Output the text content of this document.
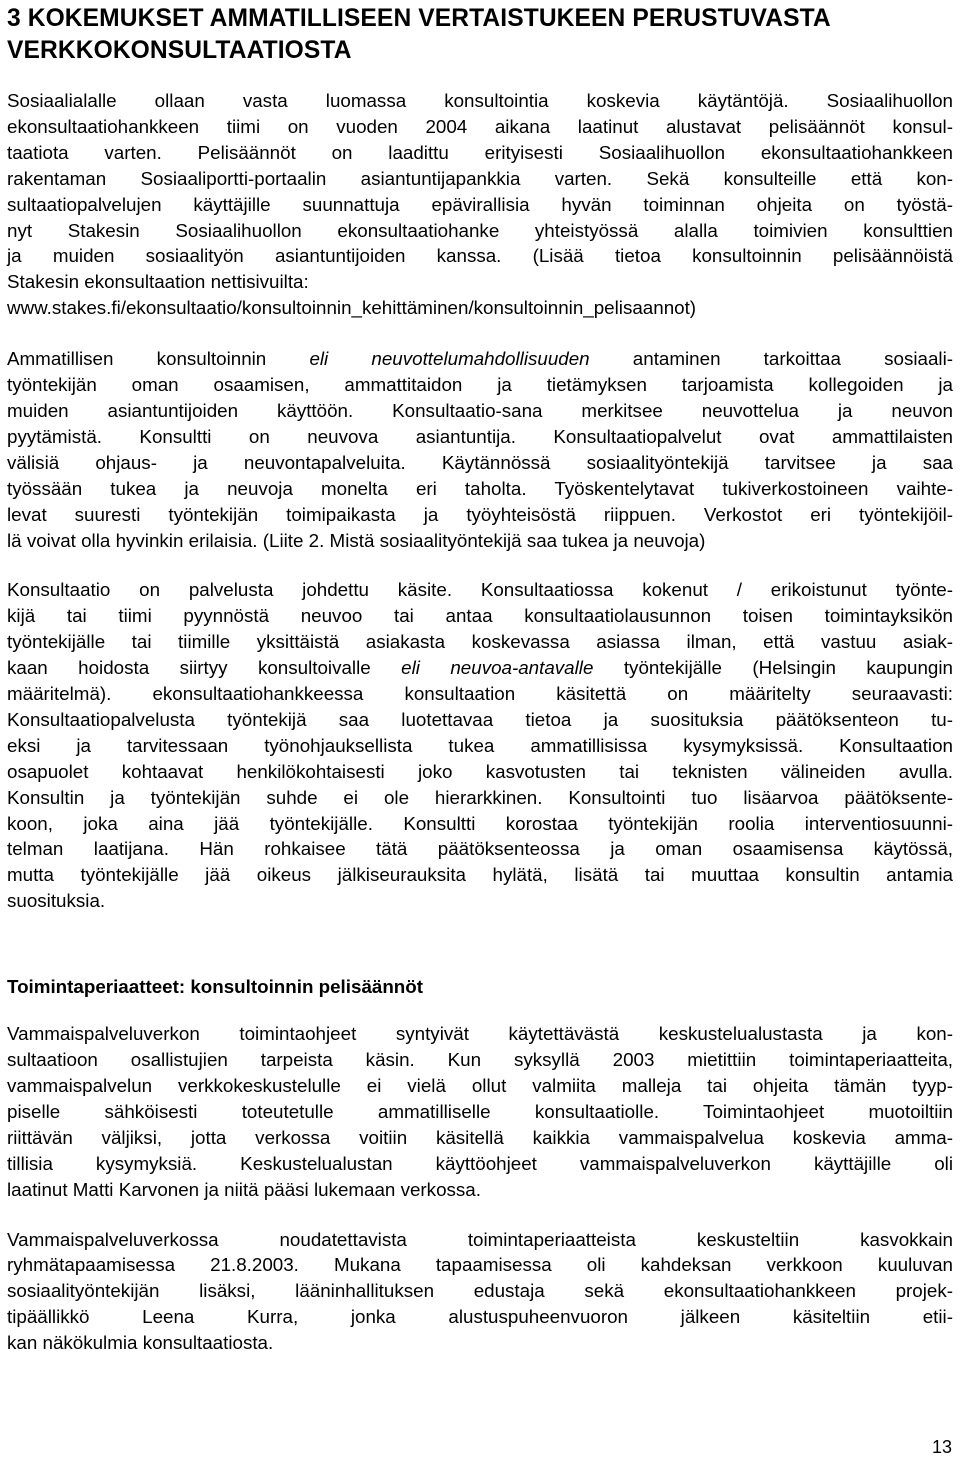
3 KOKEMUKSET AMMATILLISEEN VERTAISTUKEEN PERUSTUVASTA
VERKKOKONSULTAATIOSTA

Sosiaalialalle ollaan vasta luomassa konsultointia koskevia käytäntöjä. Sosiaalihuollon
ekonsultaatiohankkeen tiimi on vuoden 2004 aikana laatinut alustavat pelisäännöt konsul-
taatiota varten. Pelisäännöt on laadittu erityisesti Sosiaalihuollon ekonsultaatiohankkeen
rakentaman Sosiaaliportti-portaalin asiantuntijapankkia varten. Sekä konsulteille että kon-
sultaatiopalvelujen käyttäjille suunnattuja epävirallisia hyvän toiminnan ohjeita on työstä-
nyt Stakesin Sosiaalihuollon ekonsultaatiohanke yhteistyössä alalla toimivien konsulttien
ja muiden sosiaalityön asiantuntijoiden kanssa. (Lisää tietoa konsultoinnin pelisäännöistä
Stakesin ekonsultaation nettisivuilta:
www.stakes.fi/ekonsultaatio/konsultoinnin_kehittäminen/konsultoinnin_pelisaannot)

Ammatillisen konsultoinnin eli neuvottelumahdollisuuden antaminen tarkoittaa sosiaali-
työntekijän oman osaamisen, ammattitaidon ja tietämyksen tarjoamista kollegoiden ja
muiden asiantuntijoiden käyttöön. Konsultaatio-sana merkitsee neuvottelua ja neuvon
pyytämistä. Konsultti on neuvova asiantuntija. Konsultaatiopalvelut ovat ammattilaisten
välisiä ohjaus- ja neuvontapalveluita. Käytännössä sosiaalityöntekijä tarvitsee ja saa
työssään tukea ja neuvoja monelta eri taholta. Työskentelytavat tukiverkostoineen vaihte-
levat suuresti työntekijän toimipaikasta ja työyhteisöstä riippuen. Verkostot eri työntekijöil-
lä voivat olla hyvinkin erilaisia. (Liite 2. Mistä sosiaalityöntekijä saa tukea ja neuvoja)

Konsultaatio on palvelusta johdettu käsite. Konsultaatiossa kokenut / erikoistunut työnte-
kijä tai tiimi pyynnöstä neuvoo tai antaa konsultaatiolausunnon toisen toimintayksikön
työntekijälle tai tiimille yksittäistä asiakasta koskevassa asiassa ilman, että vastuu asiak-
kaan hoidosta siirtyy konsultoivalle eli neuvoa-antavalle työntekijälle (Helsingin kaupungin
määritelmä). ekonsultaatiohankkeessa konsultaation käsitettä on määritelty seuraavasti:
Konsultaatiopalvelusta työntekijä saa luotettavaa tietoa ja suosituksia päätöksenteon tu-
eksi ja tarvitessaan työnohjauksellista tukea ammatillisissa kysymyksissä. Konsultaation
osapuolet kohtaavat henkilökohtaisesti joko kasvotusten tai teknisten välineiden avulla.
Konsultin ja työntekijän suhde ei ole hierarkkinen. Konsultointi tuo lisäarvoa päätöksente-
koon, joka aina jää työntekijälle. Konsultti korostaa työntekijän roolia interventiosuunni-
telman laatijana. Hän rohkaisee tätä päätöksenteossa ja oman osaamisensa käytössä,
mutta työntekijälle jää oikeus jälkiseurauksita hylätä, lisätä tai muuttaa konsultin antamia
suosituksia.

Toimintaperiaatteet: konsultoinnin pelisäännöt

Vammaispalveluverkon toimintaohjeet syntyivät käytettävästä keskustelualustasta ja kon-
sultaatioon osallistujien tarpeista käsin. Kun syksyllä 2003 mietittiin toimintaperiaatteita,
vammaispalvelun verkkokeskustelulle ei vielä ollut valmiita malleja tai ohjeita tämän tyyp-
piselle sähköisesti toteutetulle ammatilliselle konsultaatiolle. Toimintaohjeet muotoiltiin
riittävän väljiksi, jotta verkossa voitiin käsitellä kaikkia vammaispalvelua koskevia amma-
tillisia kysymyksiä. Keskustelualustan käyttöohjeet vammaispalveluverkon käyttäjille oli
laatinut Matti Karvonen ja niitä pääsi lukemaan verkossa.

Vammaispalveluverkossa noudatettavista toimintaperiaatteista keskusteltiin kasvokkain
ryhmätapaamisessa 21.8.2003. Mukana tapaamisessa oli kahdeksan verkkoon kuuluvan
sosiaalityöntekijän lisäksi, lääninhallituksen edustaja sekä ekonsultaatiohankkeen projek-
tipäällikkö Leena Kurra, jonka alustuspuheenvuoron jälkeen käsiteltiin etii-
kan näkökulmia konsultaatiosta.

13
